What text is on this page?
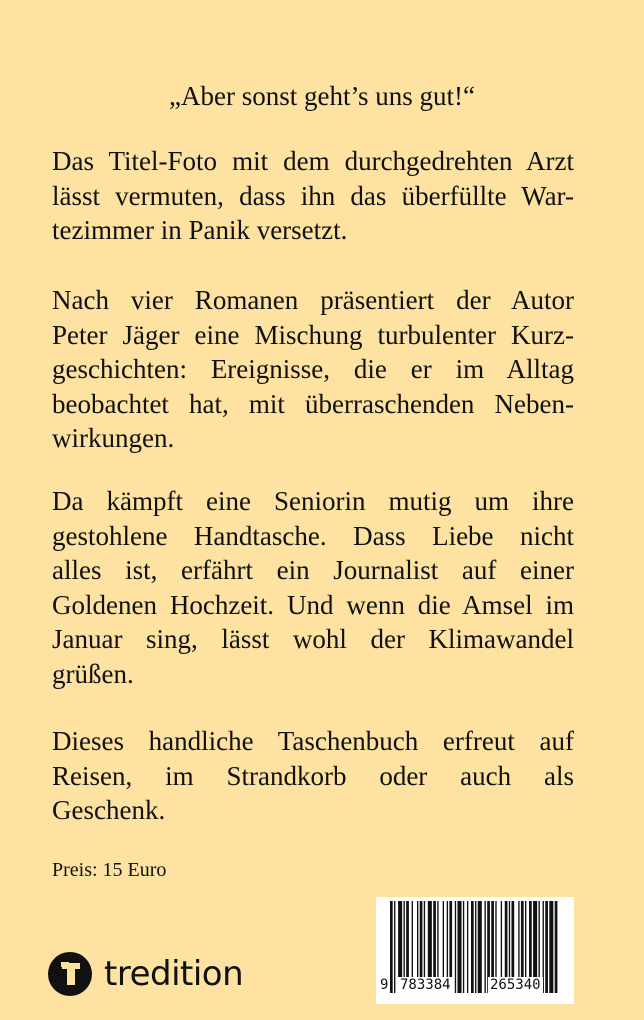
„Aber sonst geht’s uns gut!“
Das Titel-Foto mit dem durchgedrehten Arzt
lässt vermuten, dass ihn das überfüllte War-
tezimmer in Panik versetzt.
Nach vier Romanen präsentiert der Autor
Peter Jäger eine Mischung turbulenter Kurz-
geschichten: Ereignisse, die er im Alltag
beobachtet hat, mit überraschenden Neben-
wirkungen.
Da kämpft eine Seniorin mutig um ihre
gestohlene Handtasche. Dass Liebe nicht
alles ist, erfährt ein Journalist auf einer
Goldenen Hochzeit. Und wenn die Amsel im
Januar sing, lässt wohl der Klimawandel
grüßen.
Dieses handliche Taschenbuch erfreut auf
Reisen, im Strandkorb oder auch als
Geschenk.
Preis: 15 Euro
tredition	9 783384	265340
